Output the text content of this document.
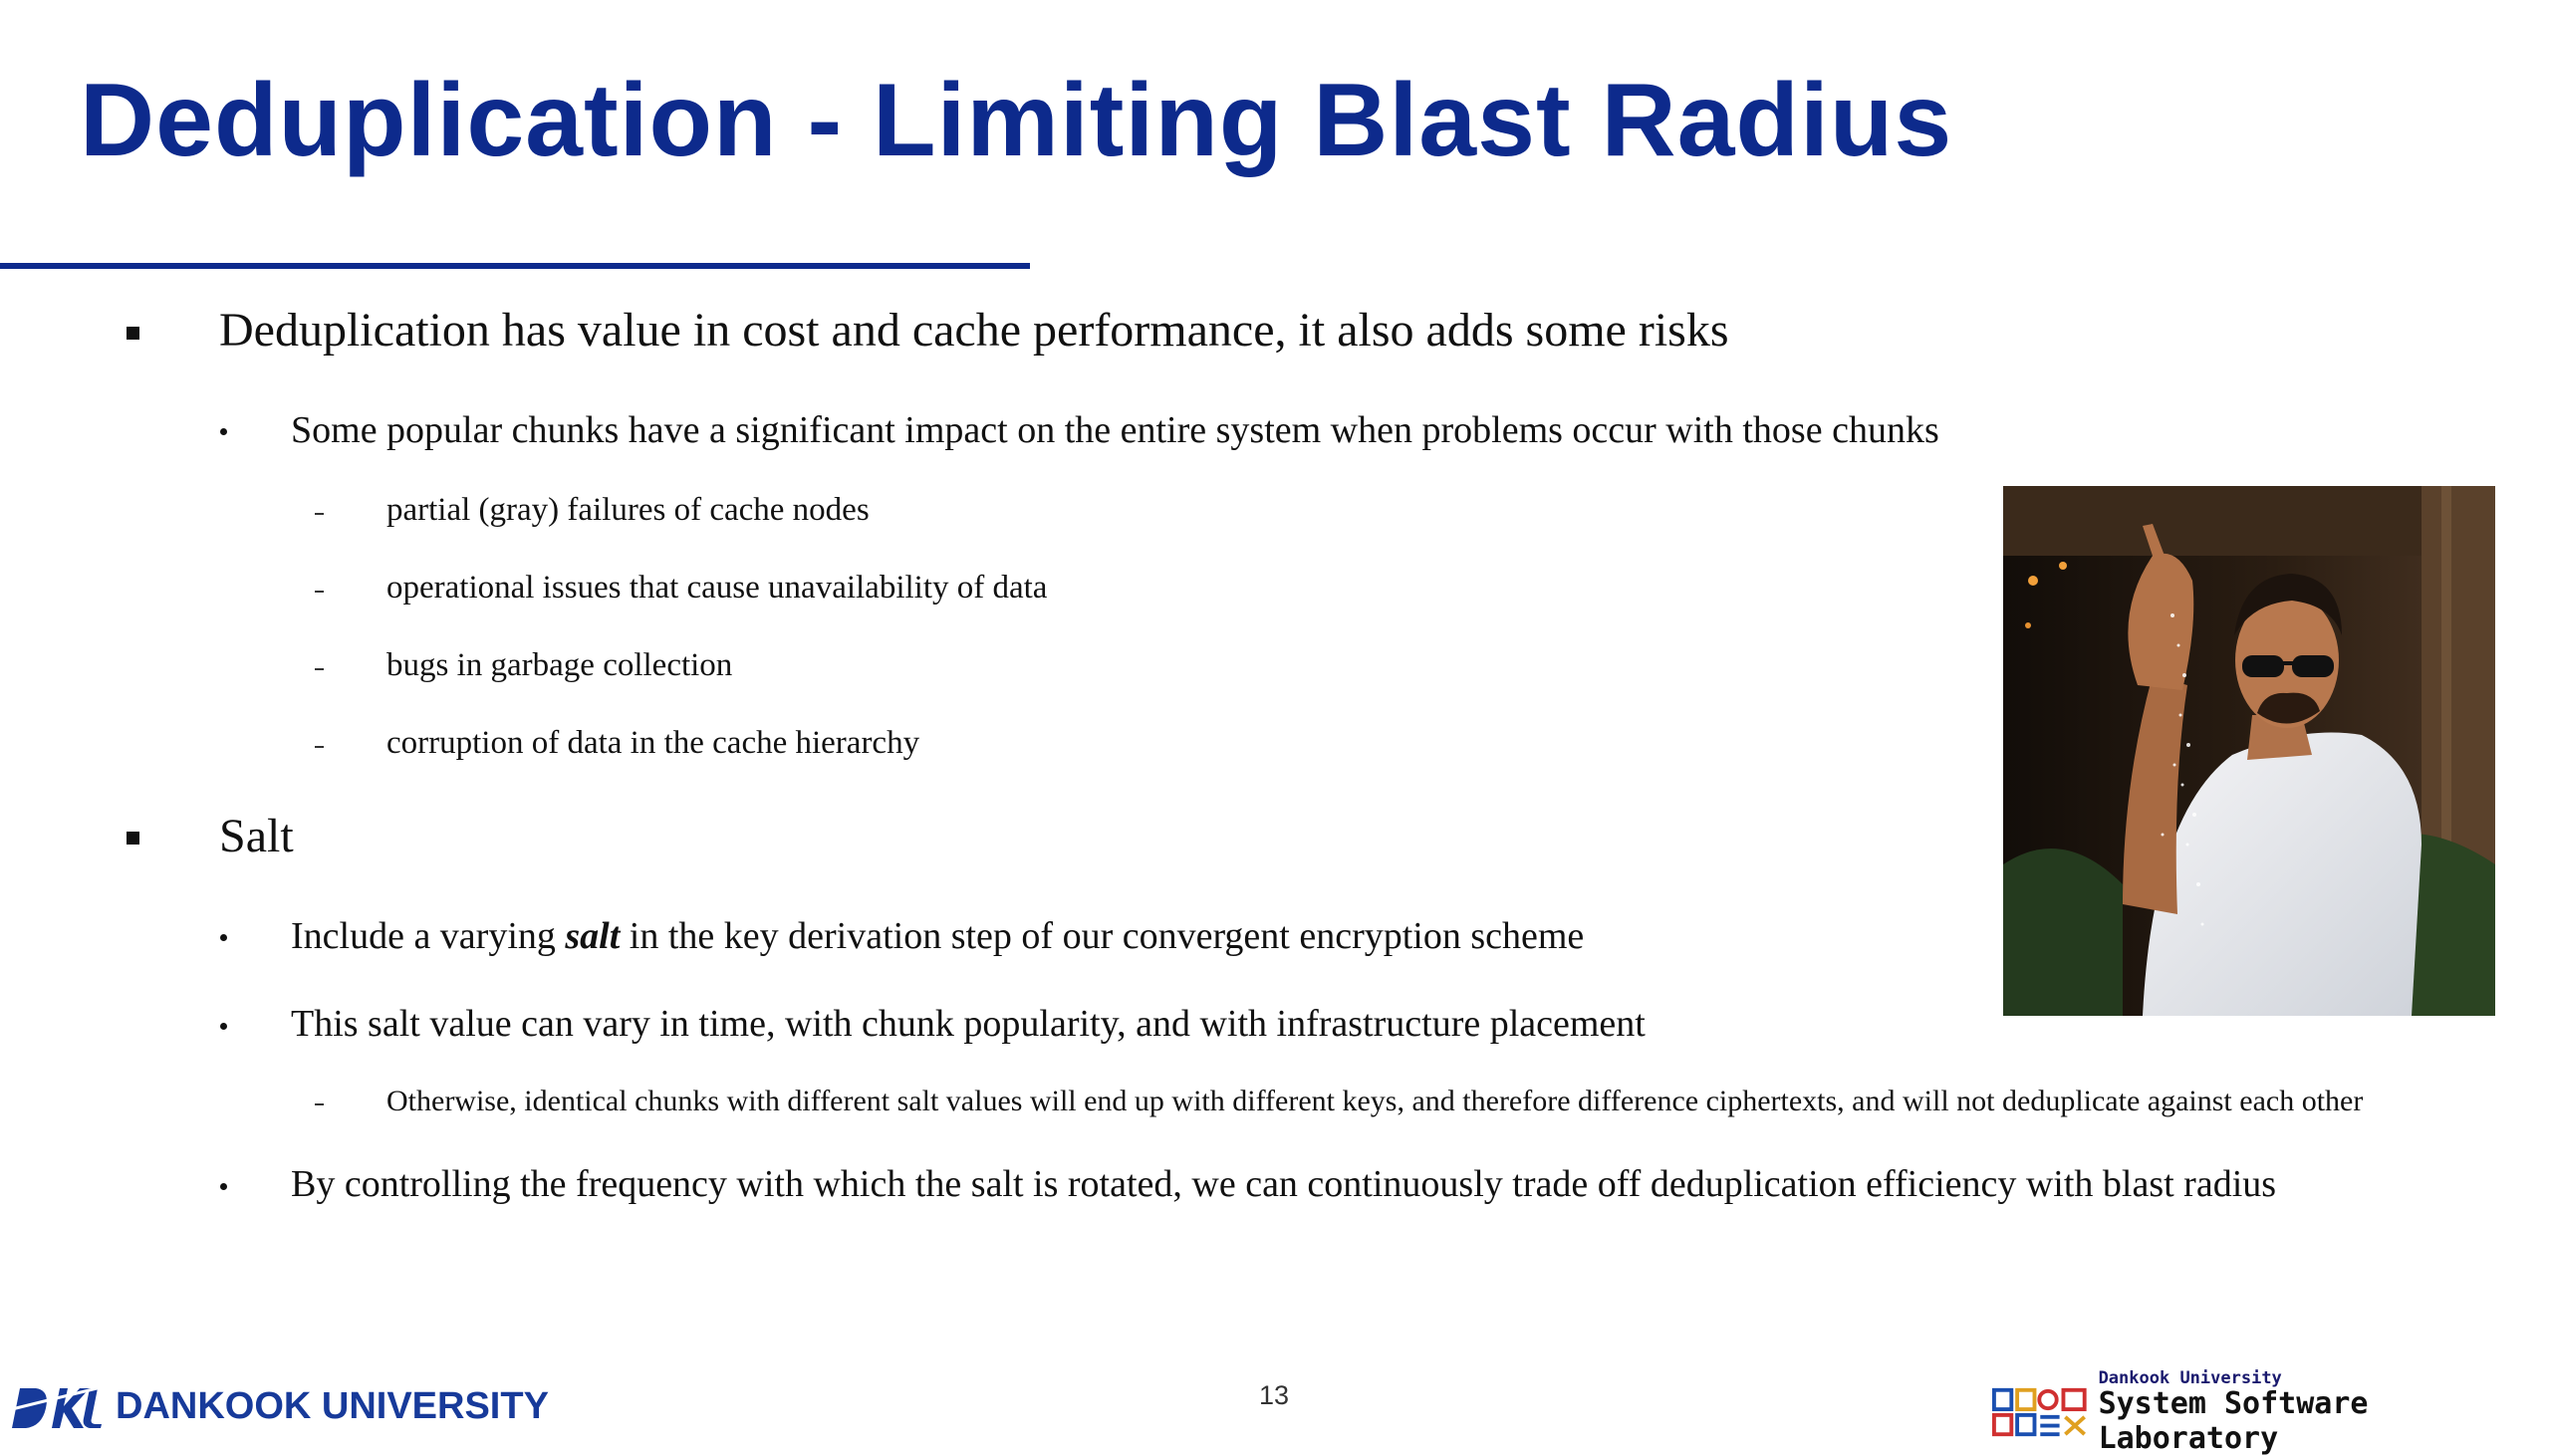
Deduplication - Limiting Blast Radius
Deduplication has value in cost and cache performance, it also adds some risks
Some popular chunks have a significant impact on the entire system when problems occur with those chunks
partial (gray) failures of cache nodes
operational issues that cause unavailability of data
bugs in garbage collection
corruption of data in the cache hierarchy
Salt
Include a varying salt in the key derivation step of our convergent encryption scheme
This salt value can vary in time, with chunk popularity, and with infrastructure placement
Otherwise, identical chunks with different salt values will end up with different keys, and therefore difference ciphertexts, and will not deduplicate against each other
By controlling the frequency with which the salt is rotated, we can continuously trade off deduplication efficiency with blast radius
DANKOOK UNIVERSITY	13
Dankook University
System Software Laboratory
